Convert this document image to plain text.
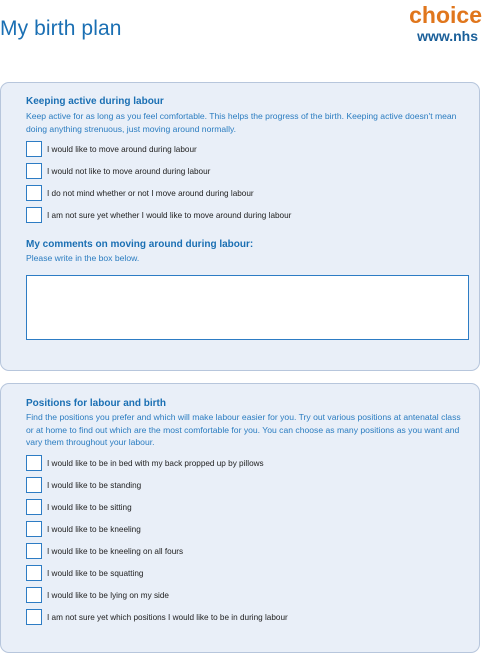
My birth plan
choice
www.nhs
Keeping active during labour
Keep active for as long as you feel comfortable. This helps the progress of the birth. Keeping active doesn't mean doing anything strenuous, just moving around normally.
I would like to move around during labour
I would not like to move around during labour
I do not mind whether or not I move around during labour
I am not sure yet whether I would like to move around during labour
My comments on moving around during labour:
Please write in the box below.
Positions for labour and birth
Find the positions you prefer and which will make labour easier for you. Try out various positions at antenatal class or at home to find out which are the most comfortable for you. You can choose as many positions as you want and vary them throughout your labour.
I would like to be in bed with my back propped up by pillows
I would like to be standing
I would like to be sitting
I would like to be kneeling
I would like to be kneeling on all fours
I would like to be squatting
I would like to be lying on my side
I am not sure yet which positions I would like to be in during labour
